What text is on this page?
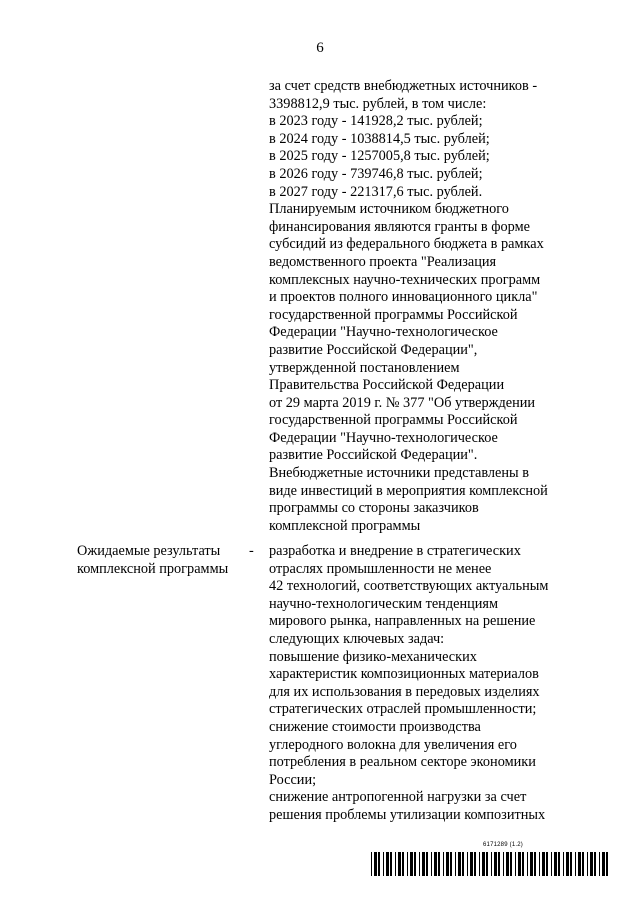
6
за счет средств внебюджетных источников -
3398812,9 тыс. рублей, в том числе:
в 2023 году - 141928,2 тыс. рублей;
в 2024 году - 1038814,5 тыс. рублей;
в 2025 году - 1257005,8 тыс. рублей;
в 2026 году - 739746,8 тыс. рублей;
в 2027 году - 221317,6 тыс. рублей.
Планируемым источником бюджетного
финансирования являются гранты в форме
субсидий из федерального бюджета в рамках
ведомственного проекта "Реализация
комплексных научно-технических программ
и проектов полного инновационного цикла"
государственной программы Российской
Федерации "Научно-технологическое
развитие Российской Федерации",
утвержденной постановлением
Правительства Российской Федерации
от 29 марта 2019 г. № 377 "Об утверждении
государственной программы Российской
Федерации "Научно-технологическое
развитие Российской Федерации".
Внебюджетные источники представлены в
виде инвестиций в мероприятия комплексной
программы со стороны заказчиков
комплексной программы
Ожидаемые результаты
комплексной программы
- разработка и внедрение в стратегических
отраслях промышленности не менее
42 технологий, соответствующих актуальным
научно-технологическим тенденциям
мирового рынка, направленных на решение
следующих ключевых задач:
повышение физико-механических
характеристик композиционных материалов
для их использования в передовых изделиях
стратегических отраслей промышленности;
снижение стоимости производства
углеродного волокна для увеличения его
потребления в реальном секторе экономики
России;
снижение антропогенной нагрузки за счет
решения проблемы утилизации композитных
6171289 (1.2)
